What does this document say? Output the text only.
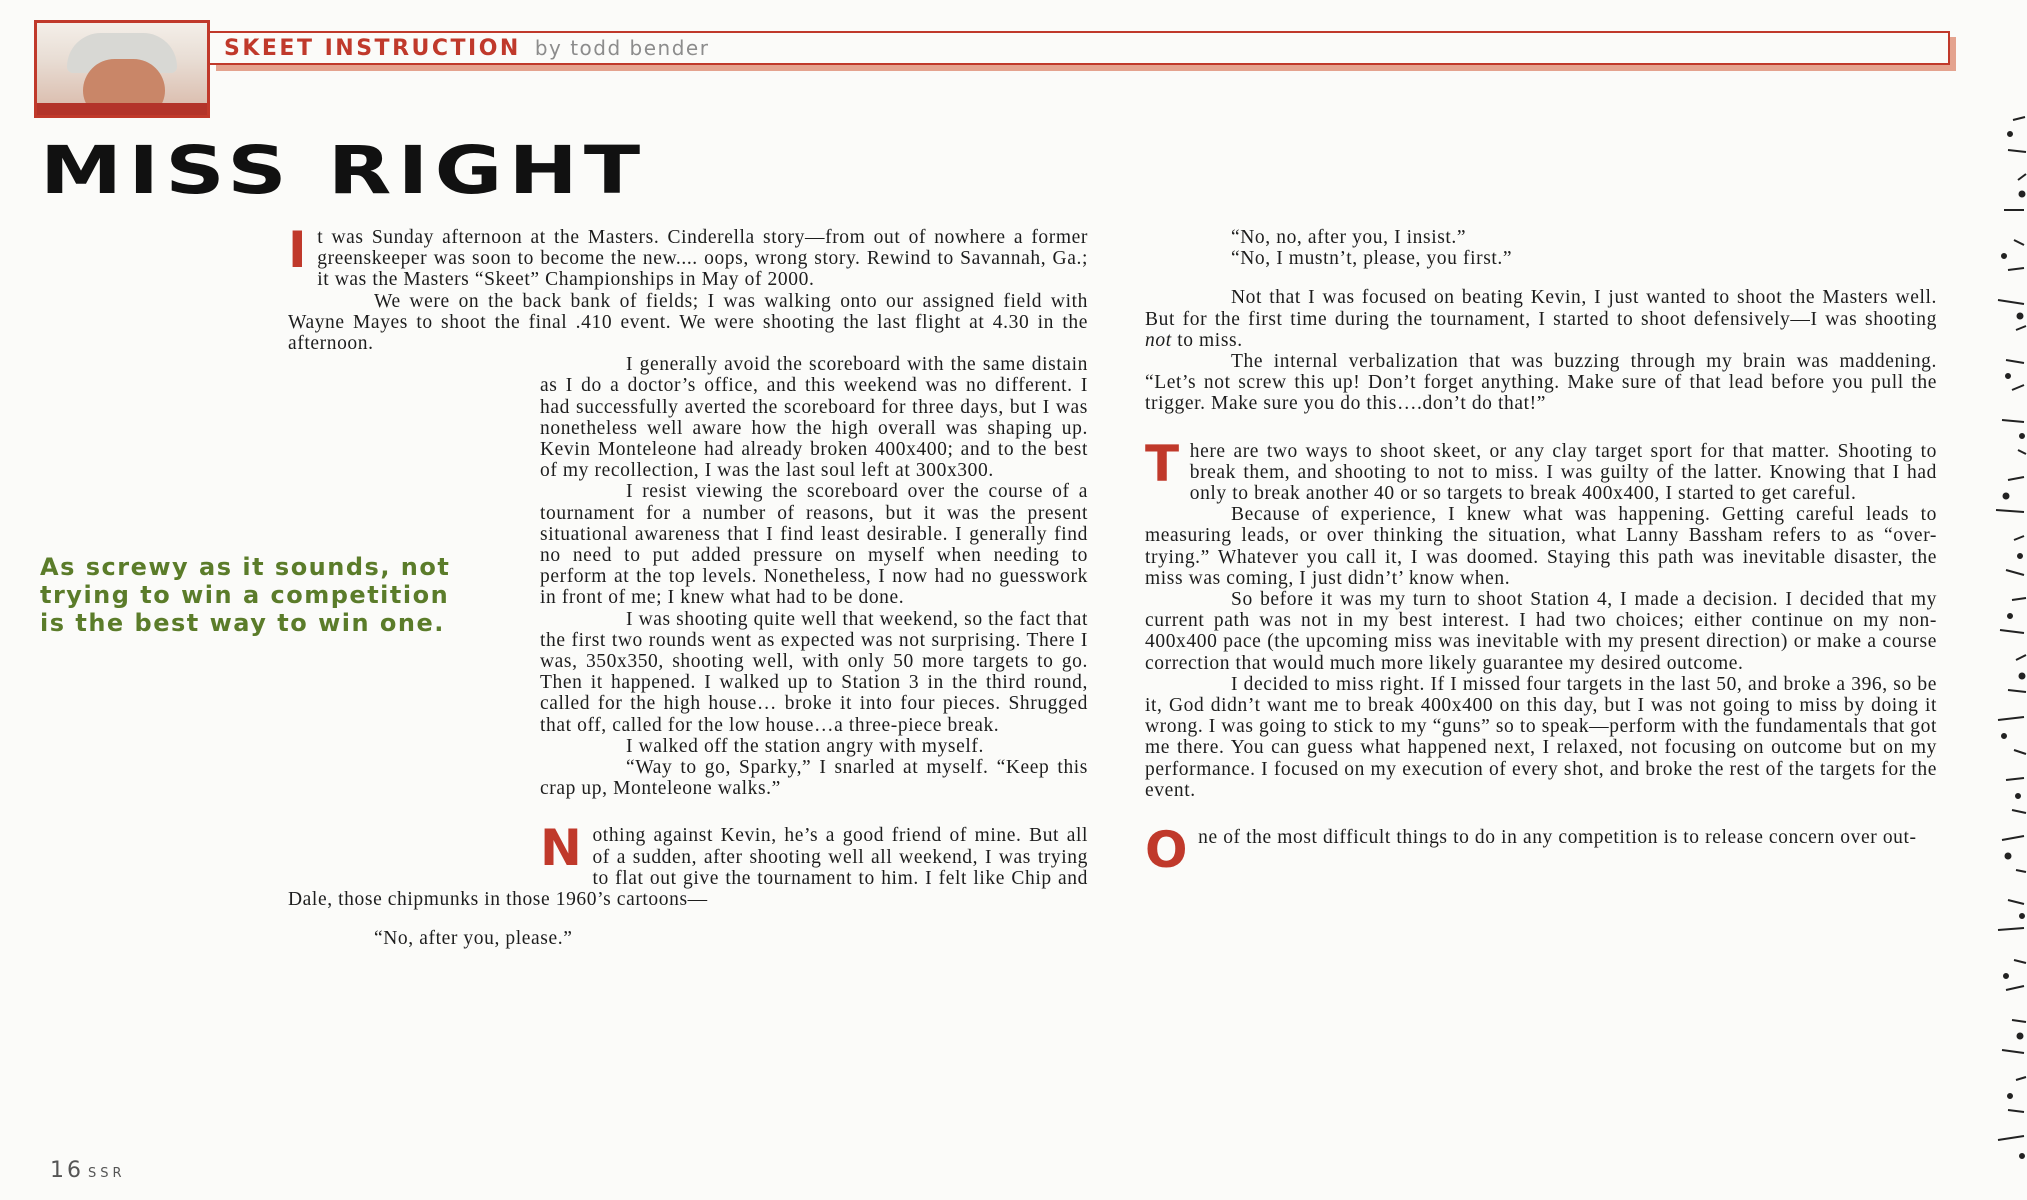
SKEET INSTRUCTION by todd bender
MISS RIGHT

It was Sunday afternoon at the Masters. Cinderella story—from out of nowhere a former greenskeeper was soon to become the new.... oops, wrong story. Rewind to Savannah, Ga.; it was the Masters “Skeet” Championships in May of 2000.

We were on the back bank of fields; I was walking onto our assigned field with Wayne Mayes to shoot the final .410 event. We were shooting the last flight at 4.30 in the afternoon.

I generally avoid the scoreboard with the same distain as I do a doctor’s office, and this weekend was no different. I had successfully averted the scoreboard for three days, but I was nonetheless well aware how the high overall was shaping up. Kevin Monteleone had already broken 400x400; and to the best of my recollection, I was the last soul left at 300x300.

I resist viewing the scoreboard over the course of a tournament for a number of reasons, but it was the present situational awareness that I find least desirable. I generally find no need to put added pressure on myself when needing to perform at the top levels. Nonetheless, I now had no guesswork in front of me; I knew what had to be done.

I was shooting quite well that weekend, so the fact that the first two rounds went as expected was not surprising. There I was, 350x350, shooting well, with only 50 more targets to go. Then it happened. I walked up to Station 3 in the third round, called for the high house… broke it into four pieces. Shrugged that off, called for the low house…a three-piece break.

I walked off the station angry with myself.

“Way to go, Sparky,” I snarled at myself. “Keep this crap up, Monteleone walks.”

Nothing against Kevin, he’s a good friend of mine. But all of a sudden, after shooting well all weekend, I was trying to flat out give the tournament to him. I felt like Chip and Dale, those chipmunks in those 1960’s cartoons—

“No, after you, please.”

As screwy as it sounds, not trying to win a competition is the best way to win one.

“No, no, after you, I insist.”

“No, I mustn’t, please, you first.”

Not that I was focused on beating Kevin, I just wanted to shoot the Masters well. But for the first time during the tournament, I started to shoot defensively—I was shooting not to miss.

The internal verbalization that was buzzing through my brain was maddening. “Let’s not screw this up! Don’t forget anything. Make sure of that lead before you pull the trigger. Make sure you do this….don’t do that!”

There are two ways to shoot skeet, or any clay target sport for that matter. Shooting to break them, and shooting to not to miss. I was guilty of the latter. Knowing that I had only to break another 40 or so targets to break 400x400, I started to get careful.

Because of experience, I knew what was happening. Getting careful leads to measuring leads, or over thinking the situation, what Lanny Bassham refers to as “over-trying.” Whatever you call it, I was doomed. Staying this path was inevitable disaster, the miss was coming, I just didn’t’ know when.

So before it was my turn to shoot Station 4, I made a decision. I decided that my current path was not in my best interest. I had two choices; either continue on my non-400x400 pace (the upcoming miss was inevitable with my present direction) or make a course correction that would much more likely guarantee my desired outcome.

I decided to miss right. If I missed four targets in the last 50, and broke a 396, so be it, God didn’t want me to break 400x400 on this day, but I was not going to miss by doing it wrong. I was going to stick to my “guns” so to speak—perform with the fundamentals that got me there. You can guess what happened next, I relaxed, not focusing on outcome but on my performance. I focused on my execution of every shot, and broke the rest of the targets for the event.

One of the most difficult things to do in any competition is to release concern over out-

16 SSR
